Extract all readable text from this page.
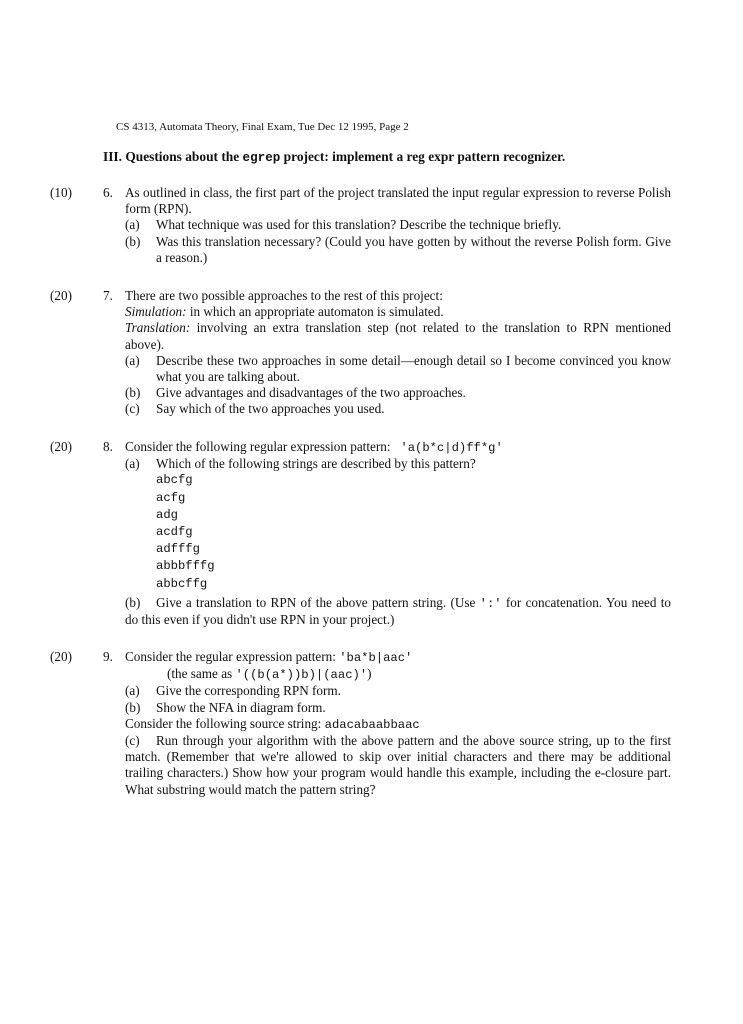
CS 4313, Automata Theory, Final Exam, Tue Dec 12 1995, Page 2
III. Questions about the egrep project: implement a reg expr pattern recognizer.
(10) 6. As outlined in class, the first part of the project translated the input regular expression to reverse Polish form (RPN).

(a) What technique was used for this translation? Describe the technique briefly.

(b) Was this translation necessary? (Could you have gotten by without the reverse Polish form. Give a reason.)

(20) 7. There are two possible approaches to the rest of this project:

Simulation: in which an appropriate automaton is simulated.

Translation: involving an extra translation step (not related to the translation to RPN mentioned above).

(a) Describe these two approaches in some detail—enough detail so I become convinced you know what you are talking about.

(b) Give advantages and disadvantages of the two approaches.

(c) Say which of the two approaches you used.

(20) 8. Consider the following regular expression pattern: 'a(b*c|d)ff*g'

(a) Which of the following strings are described by this pattern?

abcfg
acfg
adg
acdfg
adfffg
abbbfffg
abbcffg

(b) Give a translation to RPN of the above pattern string. (Use ':' for concatenation. You need to do this even if you didn't use RPN in your project.)

(20) 9. Consider the regular expression pattern: 'ba*b|aac'

(the same as '((b(a*))b)|(aac)')

(a) Give the corresponding RPN form.

(b) Show the NFA in diagram form.

Consider the following source string: adacabaabbaac

(c) Run through your algorithm with the above pattern and the above source string, up to the first match. (Remember that we're allowed to skip over initial characters and there may be additional trailing characters.) Show how your program would handle this example, including the e-closure part. What substring would match the pattern string?
